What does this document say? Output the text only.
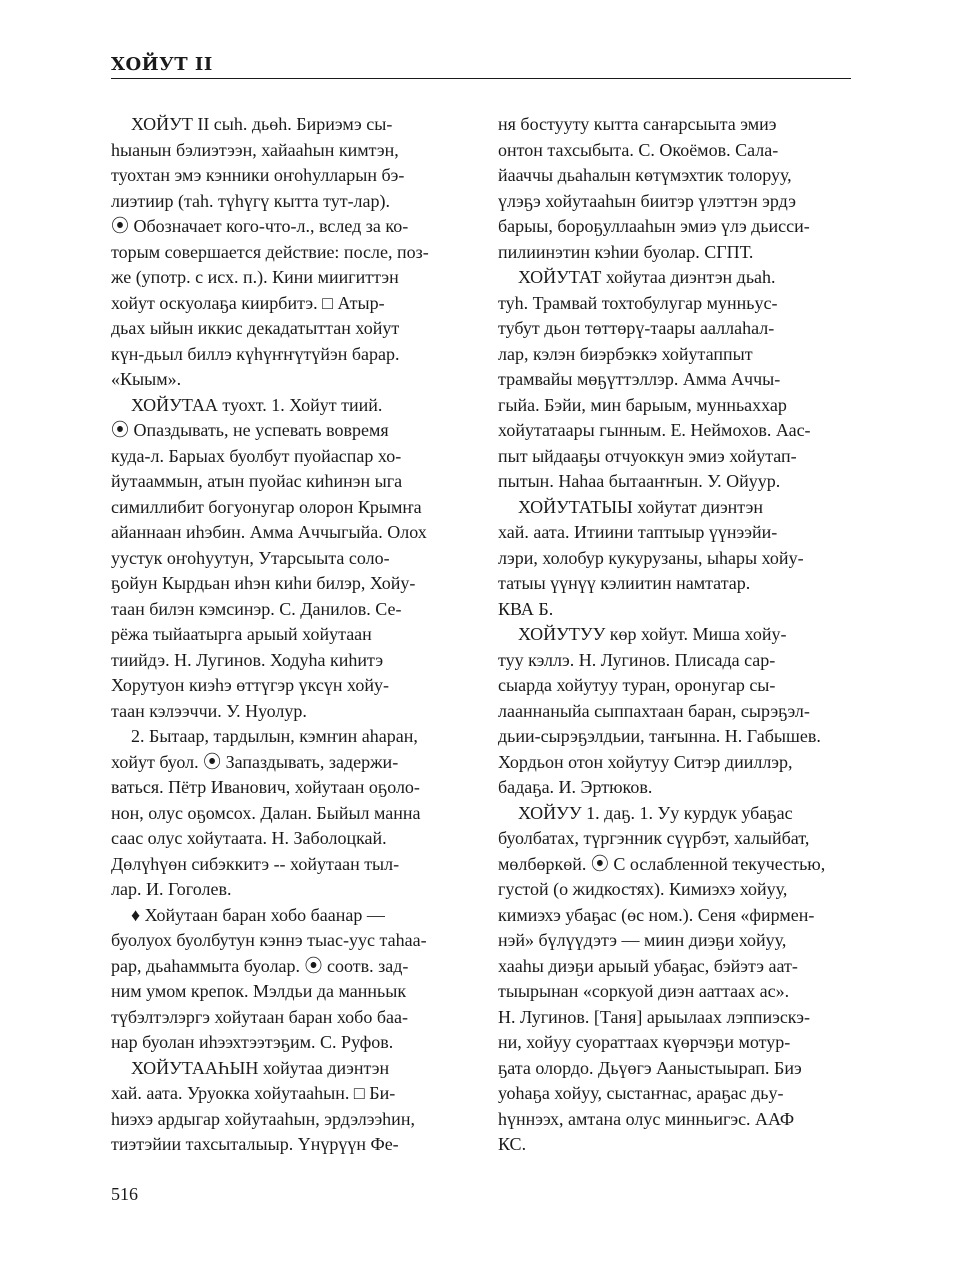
ХОЙУТ II
ХОЙУТ II сыһ. дьөһ. Бириэмэ сы-
һыанын бэлиэтээн, хайааһын кимтэн,
туохтан эмэ кэнники оҥоһулларын бэ-
лиэтиир (таһ. түһүгү кытта тут-лар).
⦿ Обозначает кого-что-л., вслед за ко-
торым совершается действие: после, поз-
же (употр. с исх. п.). Кини миигиттэн
хойут оскуолаҕа киирбитэ. □ Атыр-
дьах ыйын иккис декадатыттан хойут
күн-дьыл биллэ күһүҥҥүтүйэн барар.
«Кыым».
ХОЙУТАА туохт. 1. Хойут тиий.
⦿ Опаздывать, не успевать вовремя
куда-л. Барыах буолбут пуойаспар хо-
йутааммын, атын пуойас киһинэн ыга
симиллибит богуонугар олорон Крымҥа
айаннаан иһэбин. Амма Аччыгыйа. Олох
уустук оҥоһуутун, Утарсыыта соло-
ҕойун Кырдьан иһэн киһи билэр, Хойу-
таан билэн кэмсинэр. С. Данилов. Се-
рёжа тыйаатырга арыый хойутаан
тиийдэ. Н. Лугинов. Ходуһа киһитэ
Хорутуон киэһэ өттүгэр үксүн хойу-
таан кэлээччи. У. Нуолур.
2. Бытаар, тардылын, кэмҥин аһаран,
хойут буол. ⦿ Запаздывать, задержи-
ваться. Пётр Иванович, хойутаан оҕоло-
нон, олус оҕомсох. Далан. Быйыл манна
саас олус хойутаата. Н. Заболоцкай.
Дөлүһүөн сибэккитэ -- хойутаан тыл-
лар. И. Гоголев.
♦ Хойутаан баран хобо баанар —
буолуох буолбутун кэннэ тыас-уус таһаа-
рар, дьаһаммыта буолар. ⦿ соотв. зад-
ним умом крепок. Мэлдьи да манньык
түбэлтэлэргэ хойутаан баран хобо баа-
нар буолан иһээхтээтэҕим. С. Руфов.
ХОЙУТААҺЫН хойутаа диэнтэн
хай. аата. Уруокка хойутааһын. □ Би-
һиэхэ ардыгар хойутааһын, эрдэлээһин,
тиэтэйии тахсыталыыр. Үнүрүүн Фе-
ня бостууту кытта саҥарсыыта эмиэ
онтон тахсыбыта. С. Окоёмов. Сала-
йааччы дьаһалын көтүмэхтик толоруу,
үлэҕэ хойутааһын биитэр үлэттэн эрдэ
барыы, бороҕуллааһын эмиэ үлэ дьисси-
пилиинэтин кэһии буолар. СГПТ.
ХОЙУТАТ хойутаа диэнтэн дьаһ.
туһ. Трамвай тохтобулугар мунньус-
тубут дьон төттөрү-таары ааллаһал-
лар, кэлэн биэрбэккэ хойутаппыт
трамвайы мөҕүттэллэр. Амма Аччы-
гыйа. Бэйи, мин барыым, мунньаххар
хойутатаары гынным. Е. Неймохов. Аас-
пыт ыйдааҕы отчуоккун эмиэ хойутап-
пытын. Наһаа бытааҥҥын. У. Ойуур.
ХОЙУТАТЫЫ хойутат диэнтэн
хай. аата. Итиини таптыыр үүнээйи-
лэри, холобур кукурузаны, ыһары хойу-
татыы үүнүү кэлиитин намтатар.
КВА Б.
ХОЙУТУУ көр хойут. Миша хойу-
туу кэллэ. Н. Лугинов. Плисада сар-
сыарда хойутуу туран, оронугар сы-
лааннаныйа сыппахтаан баран, сырэҕэл-
дьии-сырэҕэлдьии, таҥынна. Н. Габышев.
Хордьон отон хойутуу Ситэр дииллэр,
бадаҕа. И. Эртюков.
ХОЙУУ 1. даҕ. 1. Уу курдук убаҕас
буолбатах, түргэнник сүүрбэт, халыйбат,
мөлбөркөй. ⦿ С ослабленной текучестью,
густой (о жидкостях). Кимиэхэ хойуу,
кимиэхэ убаҕас (өс ном.). Сеня «фирмен-
нэй» бүлүүдэтэ — миин диэҕи хойуу,
хааһы диэҕи арыый убаҕас, бэйэтэ аат-
тыырынан «соркуой диэн ааттаах ас».
Н. Лугинов. [Таня] арыылаах лэппиэскэ-
ни, хойуу суораттаах күөрчэҕи мотур-
ҕата олордо. Дьүөгэ Ааныстыырап. Биэ
уоһаҕа хойуу, сыстаҥнас, араҕас дьу-
һүннээх, амтана олус минньигэс. ААФ
КС.
516
